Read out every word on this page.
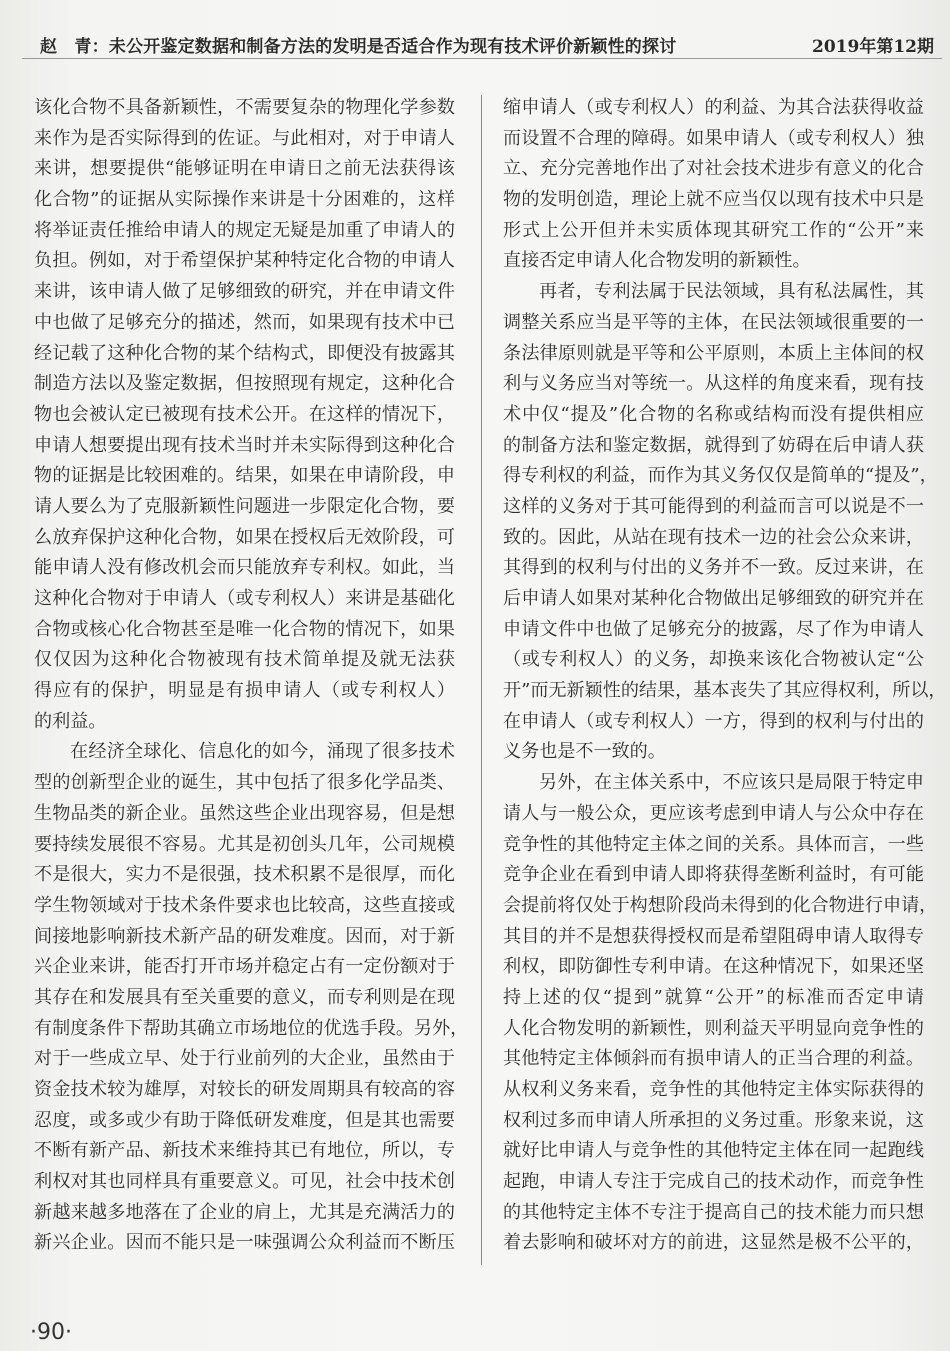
赵　青：未公开鉴定数据和制备方法的发明是否适合作为现有技术评价新颖性的探讨	2019年第12期
该化合物不具备新颖性，不需要复杂的物理化学参数
来作为是否实际得到的佐证。与此相对，对于申请人
来讲，想要提供“能够证明在申请日之前无法获得该
化合物”的证据从实际操作来讲是十分困难的，这样
将举证责任推给申请人的规定无疑是加重了申请人的
负担。例如，对于希望保护某种特定化合物的申请人
来讲，该申请人做了足够细致的研究，并在申请文件
中也做了足够充分的描述，然而，如果现有技术中已
经记载了这种化合物的某个结构式，即便没有披露其
制造方法以及鉴定数据，但按照现有规定，这种化合
物也会被认定已被现有技术公开。在这样的情况下，
申请人想要提出现有技术当时并未实际得到这种化合
物的证据是比较困难的。结果，如果在申请阶段，申
请人要么为了克服新颖性问题进一步限定化合物，要
么放弃保护这种化合物，如果在授权后无效阶段，可
能申请人没有修改机会而只能放弃专利权。如此，当
这种化合物对于申请人（或专利权人）来讲是基础化
合物或核心化合物甚至是唯一化合物的情况下，如果
仅仅因为这种化合物被现有技术简单提及就无法获
得应有的保护，明显是有损申请人（或专利权人）
的利益。
在经济全球化、信息化的如今，涌现了很多技术
型的创新型企业的诞生，其中包括了很多化学品类、
生物品类的新企业。虽然这些企业出现容易，但是想
要持续发展很不容易。尤其是初创头几年，公司规模
不是很大，实力不是很强，技术积累不是很厚，而化
学生物领域对于技术条件要求也比较高，这些直接或
间接地影响新技术新产品的研发难度。因而，对于新
兴企业来讲，能否打开市场并稳定占有一定份额对于
其存在和发展具有至关重要的意义，而专利则是在现
有制度条件下帮助其确立市场地位的优选手段。另外，
对于一些成立早、处于行业前列的大企业，虽然由于
资金技术较为雄厚，对较长的研发周期具有较高的容
忍度，或多或少有助于降低研发难度，但是其也需要
不断有新产品、新技术来维持其已有地位，所以，专
利权对其也同样具有重要意义。可见，社会中技术创
新越来越多地落在了企业的肩上，尤其是充满活力的
新兴企业。因而不能只是一味强调公众利益而不断压
缩申请人（或专利权人）的利益、为其合法获得收益
而设置不合理的障碍。如果申请人（或专利权人）独
立、充分完善地作出了对社会技术进步有意义的化合
物的发明创造，理论上就不应当仅以现有技术中只是
形式上公开但并未实质体现其研究工作的“公开”来
直接否定申请人化合物发明的新颖性。
再者，专利法属于民法领域，具有私法属性，其
调整关系应当是平等的主体，在民法领域很重要的一
条法律原则就是平等和公平原则，本质上主体间的权
利与义务应当对等统一。从这样的角度来看，现有技
术中仅“提及”化合物的名称或结构而没有提供相应
的制备方法和鉴定数据，就得到了妨碍在后申请人获
得专利权的利益，而作为其义务仅仅是简单的“提及”，
这样的义务对于其可能得到的利益而言可以说是不一
致的。因此，从站在现有技术一边的社会公众来讲，
其得到的权利与付出的义务并不一致。反过来讲，在
后申请人如果对某种化合物做出足够细致的研究并在
申请文件中也做了足够充分的披露，尽了作为申请人
（或专利权人）的义务，却换来该化合物被认定“公
开”而无新颖性的结果，基本丧失了其应得权利，所以，
在申请人（或专利权人）一方，得到的权利与付出的
义务也是不一致的。
另外，在主体关系中，不应该只是局限于特定申
请人与一般公众，更应该考虑到申请人与公众中存在
竞争性的其他特定主体之间的关系。具体而言，一些
竞争企业在看到申请人即将获得垄断利益时，有可能
会提前将仅处于构想阶段尚未得到的化合物进行申请，
其目的并不是想获得授权而是希望阻碍申请人取得专
利权，即防御性专利申请。在这种情况下，如果还坚
持上述的仅“提到”就算“公开”的标准而否定申请
人化合物发明的新颖性，则利益天平明显向竞争性的
其他特定主体倾斜而有损申请人的正当合理的利益。
从权利义务来看，竞争性的其他特定主体实际获得的
权利过多而申请人所承担的义务过重。形象来说，这
就好比申请人与竞争性的其他特定主体在同一起跑线
起跑，申请人专注于完成自己的技术动作，而竞争性
的其他特定主体不专注于提高自己的技术能力而只想
着去影响和破坏对方的前进，这显然是极不公平的，
·90·
